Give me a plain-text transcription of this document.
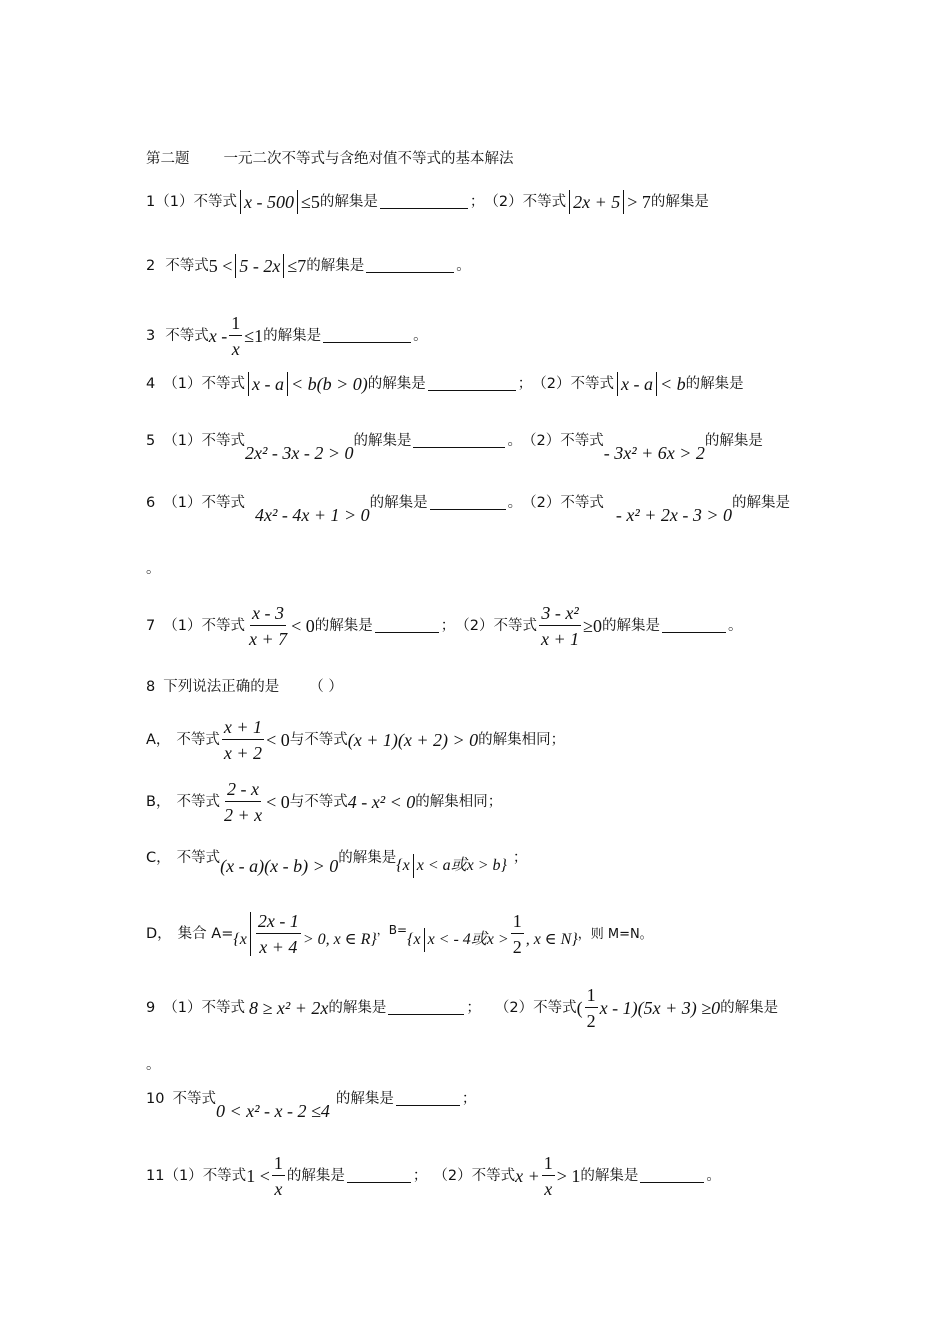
第二题 一元二次不等式与含绝对值不等式的基本解法
1 （1） 不等式 x - 500 ≤5 的解集是	； （2） 不等式 2x + 5 > 7 的解集是
2 不等式 5 < 5 - 2x ≤7 的解集是	。
3 不等式 $x - \frac{1}{x} \le 1$ 的解集是	。
4 （1） 不等式 x - a < b(b > 0) 的解集是	； （2） 不等式 x - a < b 的解集是
5 （1） 不等式
2x² - 3x - 2 > 0
的解集是	。 （2） 不等式
- 3x² + 6x > 2
的解集是
6 （1） 不等式
4x² - 4x + 1 > 0
的解集是	。 （2） 不等式
- x² + 2x - 3 > 0
的解集是
。
7 （1） 不等式 $\frac{x - 3}{x + 7} < 0$ 的解集是	； （2） 不等式 $\frac{\text{3 - x²}}{x + 1} \ge 0$ 的解集是	。
8 下列说法正确的是 （ ）
A， 不等式 $\frac{x + 1}{x + 2} < 0$ 与不等式 (x + 1)(x + 2) > 0 的解集相同；
B， 不等式 $\frac{2 - x}{2 + x} < 0$ 与不等式 4 - x² < 0 的解集相同；
C， 不等式 (x - a)(x - b) > 0 的解集是 {x x < a或x > b} ；
D， 集合 $A= \{x \frac{2x - 1}{x + 4} > 0$, x ∈ R}
，B=
{x x < - 4或$x > \frac{1}{2}$ , x ∈ N} ，则 M=N。
9 （1） 不等式 8 ≥ x² + 2x 的解集是	； （2） 不等式 ( $\frac{1}{2}$ x - 1)(5x + 3) ≥0 的解集是
。
10 不等式
0 < x² - x - 2 ≤4
的解集是	；
11 （1） 不等式 $1 < \frac{1}{x}$ 的解集是	； （2） 不等式 $x + \frac{1}{x} > 1$ 的解集是	。
